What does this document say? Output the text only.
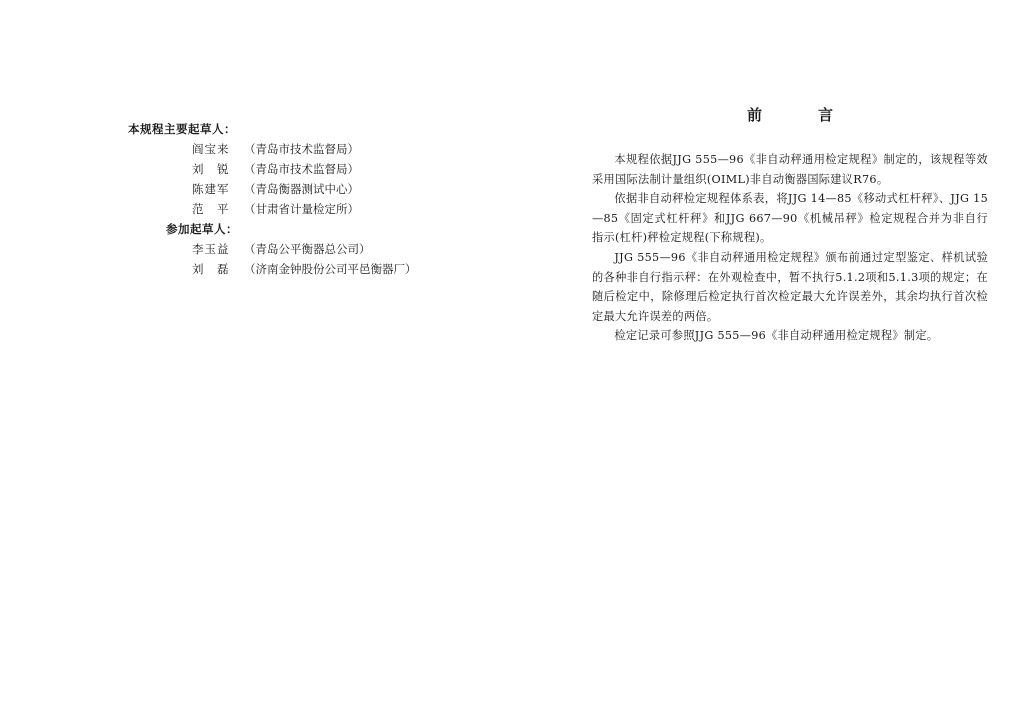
本规程主要起草人：
阎宝来	（青岛市技术监督局）
刘　锐	（青岛市技术监督局）
陈建军	（青岛衡器测试中心）
范　平	（甘肃省计量检定所）
参加起草人：
李玉益	（青岛公平衡器总公司）
刘　磊	（济南金钟股份公司平邑衡器厂）
前言

本规程依据JJG 555—96《非自动秤通用检定规程》制定的，该规程等效采用国际法制计量组织(OIML)非自动衡器国际建议R76。

依据非自动秤检定规程体系表，将JJG 14—85《移动式杠杆秤》、JJG 15—85《固定式杠杆秤》和JJG 667—90《机械吊秤》检定规程合并为非自行指示(杠杆)秤检定规程(下称规程)。

JJG 555—96《非自动秤通用检定规程》颁布前通过定型鉴定、样机试验的各种非自行指示秤：在外观检查中，暂不执行5.1.2项和5.1.3项的规定；在随后检定中，除修理后检定执行首次检定最大允许误差外，其余均执行首次检定最大允许误差的两倍。

检定记录可参照JJG 555—96《非自动秤通用检定规程》制定。
